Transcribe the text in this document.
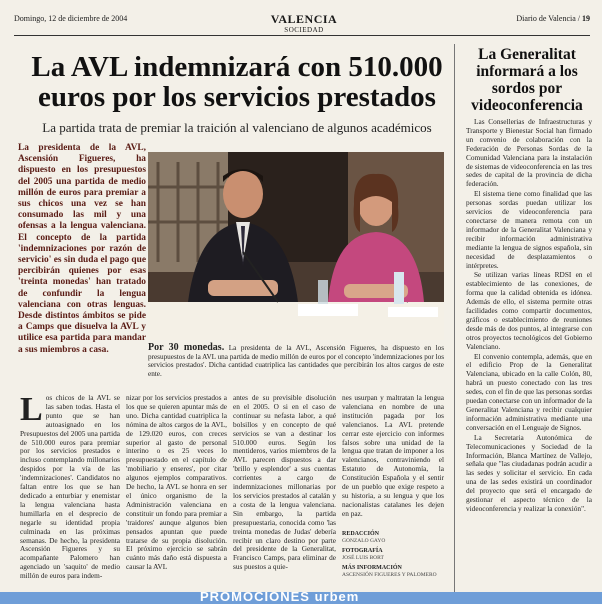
Domingo, 12 de diciembre de 2004	VALENCIA
SOCIEDAD
Diario de Valencia / 19
La AVL indemnizará con 510.000 euros por los servicios prestados
La partida trata de premiar la traición al valenciano de algunos académicos
La presidenta de la AVL, Ascensión Figueres, ha dispuesto en los presupuestos del 2005 una partida de medio millón de euros para premiar a sus chicos una vez se han consumado las mil y una ofensas a la lengua valenciana. El concepto de la partida 'indemnizaciones por razón de servicio' es sin duda el pago que percibirán quienes por esas 'treinta monedas' han tratado de confundir la lengua valenciana con otras lenguas. Desde distintos ámbitos se pide a Camps que disuelva la AVL y utilice esa partida para mandar a sus miembros a casa.	Por 30 monedas. La presidenta de la AVL, Ascensión Figueres, ha dispuesto en los presupuestos de la AVL una partida de medio millón de euros por el concepto 'indemnizaciones por los servicios prestados'. Dicha cantidad cuatriplica las cantidades que percibirán los altos cargos de este ente.
Los chicos de la AVL se las saben todas. Hasta el punto que se han autoasignado en los Presupuestos del 2005 una partida de 510.000 euros para premiar por los servicios prestados e incluso contemplando millonarios despidos por la vía de las 'indemnizaciones'. Candidatos no faltan entre los que se han dedicado a enturbiar y enemistar la lengua valenciana hasta humillarla en el desprecio de negarle su identidad propia culminada en las próximas semanas. De hecho, la presidenta Ascensión Figueres y su acompañante Palomero han agenciado un 'saquito' de medio millón de euros para indem-
nizar por los servicios prestados a los que se quieren apuntar más de uno. Dicha cantidad cuatriplica la nómina de altos cargos de la AVL, de 129.020 euros, con creces superior al gasto de personal interino o es 25 veces lo presupuestado en el capítulo de 'mobiliario y enseres', por citar algunos ejemplos comparativos. De hecho, la AVL se honra en ser el único organismo de la Administración valenciana en constituir un fondo para premiar a 'traidores' aunque algunos bien pensados apuntan que puede tratarse de su propia disolución. El próximo ejercicio se sabrán cuánto más daño está dispuesta a causar la AVL
antes de su previsible disolución en el 2005. O si en el caso de continuar su nefasta labor, a qué bolsillos y en concepto de qué servicios se van a destinar los 510.000 euros. Según los mentideros, varios miembros de la AVL parecen dispuestos a dar 'brillo y esplendor' a sus cuentas corrientes a cargo de indemnizaciones millonarias por los servicios prestados al catalán y a costa de la lengua valenciana. Sin embargo, la partida presupuestaria, conocida como 'las treinta monedas de Judas' debería recibir un claro destino por parte del presidente de la Generalitat, Francisco Camps, para eliminar de sus puestos a quie-
nes usurpan y maltratan la lengua valenciana en nombre de una institución pagada por los valencianos. La AVL pretende cerrar este ejercicio con informes falsos sobre una unidad de la lengua que tratan de imponer a los valencianos, contraviniendo el Estatuto de Autonomía, la Constitución Española y el sentir de un pueblo que exige respeto a su historia, a su lengua y que los nacionalistas catalanes les dejen en paz.
REDACCIÓN
GONZALO GAYO
FOTOGRAFÍA
JOSÉ LUIS BORT
MÁS INFORMACIÓN
ASCENSIÓN FIGUERES Y PALOMERO
La Generalitat informará a los sordos por videoconferencia

Las Consellerias de Infraestructuras y Transporte y Bienestar Social han firmado un convenio de colaboración con la Federación de Personas Sordas de la Comunidad Valenciana para la instalación de sistemas de videoconferencia en las tres sedes de capital de la provincia de dicha federación.

El sistema tiene como finalidad que las personas sordas puedan utilizar los servicios de videoconferencia para conectarse de manera remota con un informador de la Generalitat Valenciana y recibir información administrativa mediante la lengua de signos española, sin necesidad de desplazamientos o intérpretes.

Se utilizan varias líneas RDSI en el establecimiento de las conexiones, de forma que la calidad obtenida es idónea. Además de ello, el sistema permite otras facilidades como compartir documentos, gráficos o establecimiento de reuniones desde más de dos puntos, al integrarse con otros proyectos tecnológicos del Gobierno Valenciano.

El convenio contempla, además, que en el edificio Prop de la Generalitat Valenciana, ubicado en la calle Colón, 80, habrá un puesto conectado con las tres sedes, con el fin de que las personas sordas puedan conectarse con un informador de la Generalitat Valenciana y recibir cualquier información administrativa mediante una conversación en el Lenguaje de Signos.

La Secretaria Autonómica de Telecomunicaciones y Sociedad de la Información, Blanca Martínez de Vallejo, señala que "las ciudadanas podrán acudir a las sedes y solicitar el servicio. En cada una de las sedes existirá un coordinador del proyecto que será el encargado de gestionar el aspecto técnico de la videoconferencia y realizar la conexión".

PROMOCIONES urbem
